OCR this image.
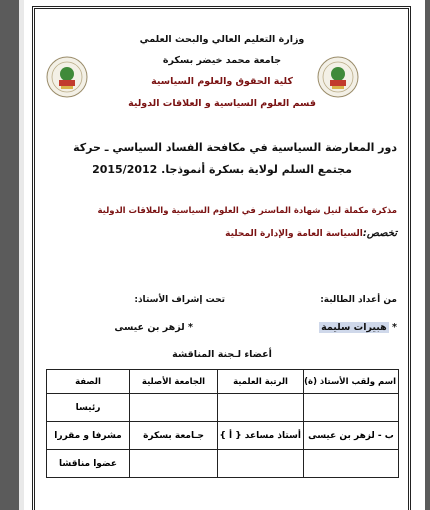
وزارة التعليم العالي والبحث العلمي
جامعة محمد خيضر بسكرة
كلية الحقوق والعلوم السياسية
قسم العلوم السياسية و العلاقات الدولية
دور المعارضة السياسية في مكافحة الفساد السياسي ـ حركة
مجتمع السلم لولاية بسكرة أنموذجا. 2015/2012
مذكرة مكملة لنيل شهادة الماستر في العلوم السياسية والعلاقات الدولية
تخصص:السياسة العامة والإدارة المحلية
من أعداد الطالبة:
تحت إشراف الأستاذ:
* هبيرات سليمة
* لزهر بن عيسى
أعضاء لـجنة المناقشة
اسم ولقب الأستاذ (ة)	الرتبة العلمية	الجامعة الأصلية	الصفة
			رئيسا
ب - لزهر بن عيسى	أستاذ مساعد { أ }	جـامعة بسكرة	مشرفا و مقررا
			عضوا مناقشا
